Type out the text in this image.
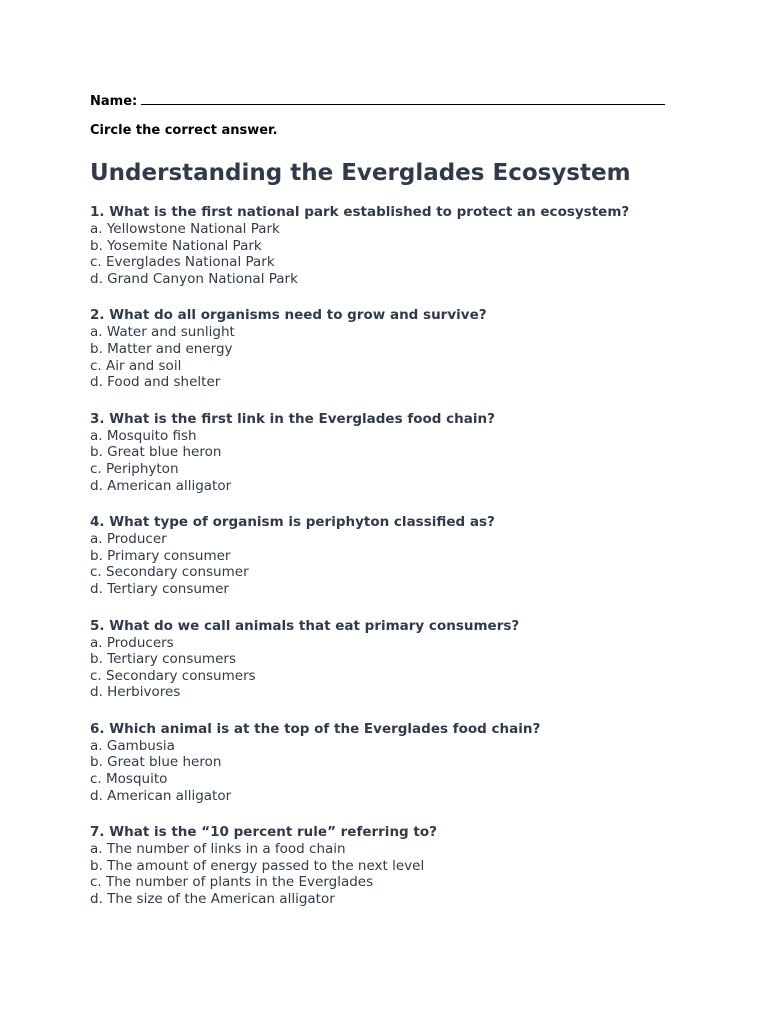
Name:
Circle the correct answer.
Understanding the Everglades Ecosystem
1. What is the first national park established to protect an ecosystem?
a. Yellowstone National Park
b. Yosemite National Park
c. Everglades National Park
d. Grand Canyon National Park
2. What do all organisms need to grow and survive?
a. Water and sunlight
b. Matter and energy
c. Air and soil
d. Food and shelter
3. What is the first link in the Everglades food chain?
a. Mosquito fish
b. Great blue heron
c. Periphyton
d. American alligator
4. What type of organism is periphyton classified as?
a. Producer
b. Primary consumer
c. Secondary consumer
d. Tertiary consumer
5. What do we call animals that eat primary consumers?
a. Producers
b. Tertiary consumers
c. Secondary consumers
d. Herbivores
6. Which animal is at the top of the Everglades food chain?
a. Gambusia
b. Great blue heron
c. Mosquito
d. American alligator
7. What is the “10 percent rule” referring to?
a. The number of links in a food chain
b. The amount of energy passed to the next level
c. The number of plants in the Everglades
d. The size of the American alligator
